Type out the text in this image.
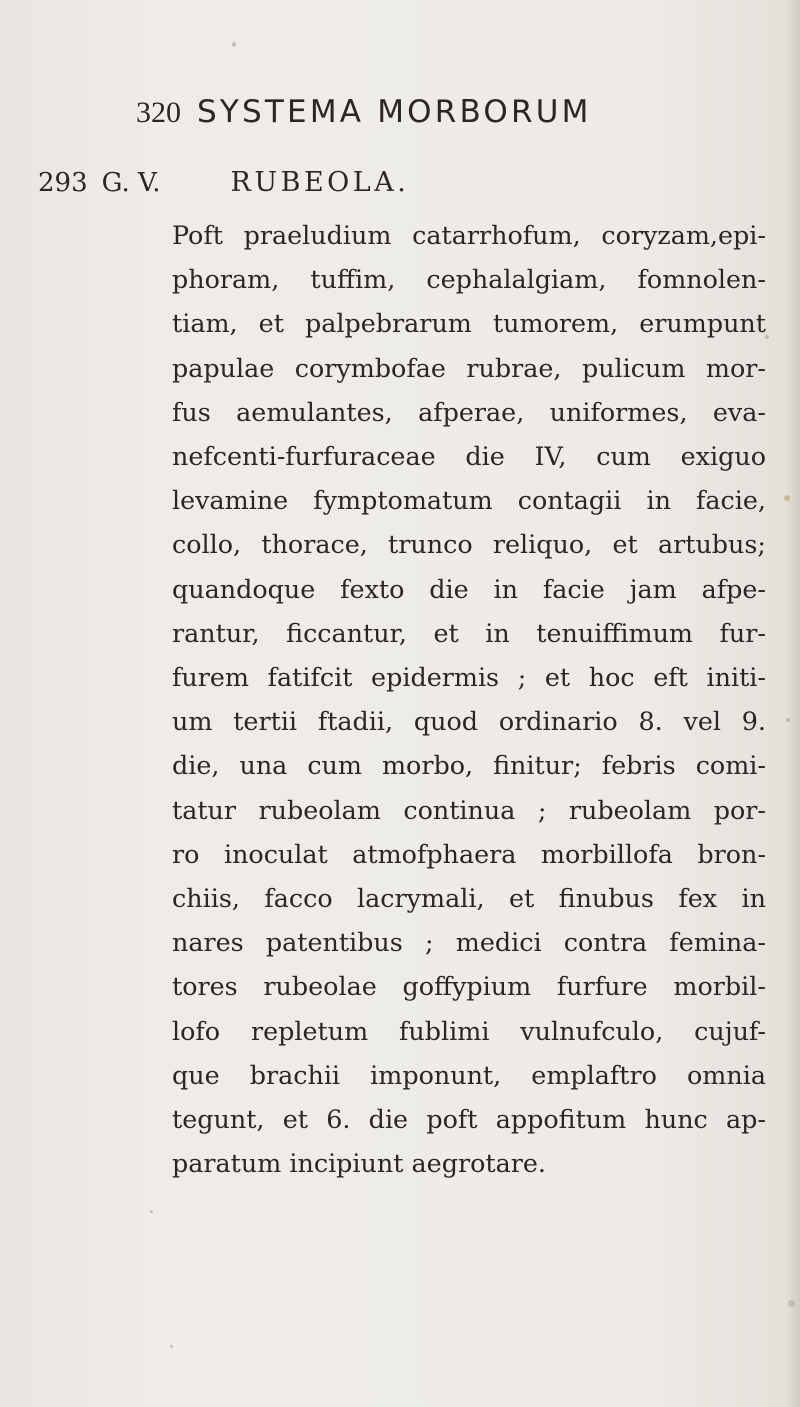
320 SYSTEMA MORBORUM
293 G. V.	RUBEOLA.
Poft praeludium catarrhofum, coryzam,epi-
phoram, tuffim, cephalalgiam, fomnolen-
tiam, et palpebrarum tumorem, erumpunt
papulae corymbofae rubrae, pulicum mor-
fus aemulantes, afperae, uniformes, eva-
nefcenti-furfuraceae die IV, cum exiguo
levamine fymptomatum contagii in facie,
collo, thorace, trunco reliquo, et artubus;
quandoque fexto die in facie jam afpe-
rantur, ficcantur, et in tenuiffimum fur-
furem fatifcit epidermis ; et hoc eft initi-
um tertii ftadii, quod ordinario 8. vel 9.
die, una cum morbo, finitur; febris comi-
tatur rubeolam continua ; rubeolam por-
ro inoculat atmofphaera morbillofa bron-
chiis, facco lacrymali, et finubus fex in
nares patentibus ; medici contra femina-
tores rubeolae goffypium furfure morbil-
lofo repletum fublimi vulnufculo, cujuf-
que brachii imponunt, emplaftro omnia
tegunt, et 6. die poft appofitum hunc ap-
paratum incipiunt aegrotare.
